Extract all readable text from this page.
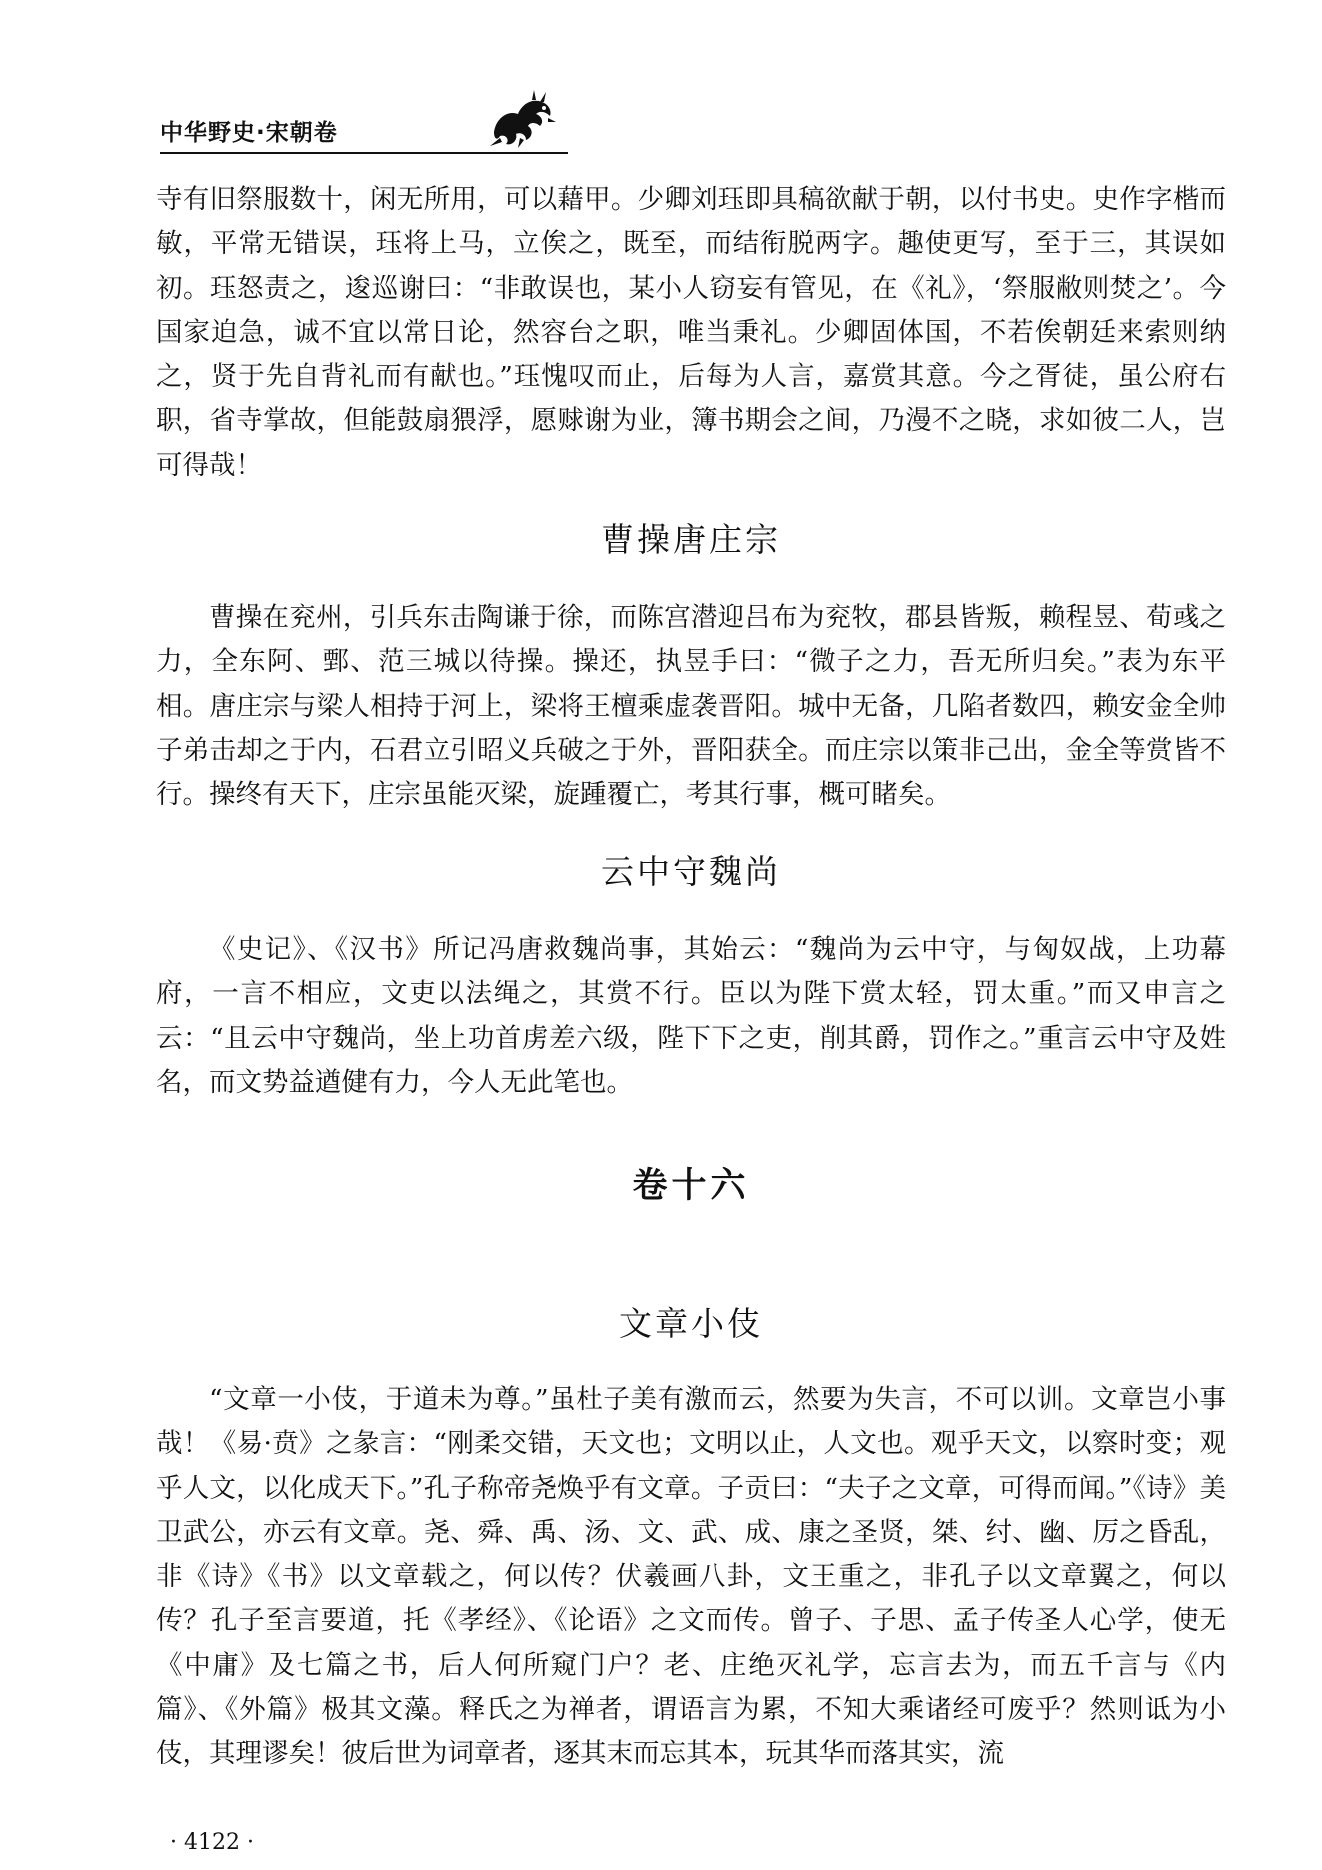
中华野史·宋朝卷

寺有旧祭服数十，闲无所用，可以藉甲。少卿刘珏即具稿欲献于朝，以付书史。史作字楷而敏，平常无错误，珏将上马，立俟之，既至，而结衔脱两字。趣使更写，至于三，其误如初。珏怒责之，逡巡谢曰：“非敢误也，某小人窃妄有管见，在《礼》，‘祭服敝则焚之’。今国家迫急，诚不宜以常日论，然容台之职，唯当秉礼。少卿固体国，不若俟朝廷来索则纳之，贤于先自背礼而有献也。”珏愧叹而止，后每为人言，嘉赏其意。今之胥徒，虽公府右职，省寺掌故，但能鼓扇猥浮，愿赇谢为业，簿书期会之间，乃漫不之晓，求如彼二人，岂可得哉！

曹操唐庄宗

曹操在兖州，引兵东击陶谦于徐，而陈宫潜迎吕布为兖牧，郡县皆叛，赖程昱、荀彧之力，全东阿、鄄、范三城以待操。操还，执昱手曰：“微子之力，吾无所归矣。”表为东平相。唐庄宗与梁人相持于河上，梁将王檀乘虚袭晋阳。城中无备，几陷者数四，赖安金全帅子弟击却之于内，石君立引昭义兵破之于外，晋阳获全。而庄宗以策非己出，金全等赏皆不行。操终有天下，庄宗虽能灭梁，旋踵覆亡，考其行事，概可睹矣。

云中守魏尚

《史记》、《汉书》所记冯唐救魏尚事，其始云：“魏尚为云中守，与匈奴战，上功幕府，一言不相应，文吏以法绳之，其赏不行。臣以为陛下赏太轻，罚太重。”而又申言之云：“且云中守魏尚，坐上功首虏差六级，陛下下之吏，削其爵，罚作之。”重言云中守及姓名，而文势益遒健有力，今人无此笔也。

卷十六
文章小伎

“文章一小伎，于道未为尊。”虽杜子美有激而云，然要为失言，不可以训。文章岂小事哉！《易·贲》之彖言：“刚柔交错，天文也；文明以止，人文也。观乎天文，以察时变；观乎人文，以化成天下。”孔子称帝尧焕乎有文章。子贡曰：“夫子之文章，可得而闻。”《诗》美卫武公，亦云有文章。尧、舜、禹、汤、文、武、成、康之圣贤，桀、纣、幽、厉之昏乱，非《诗》《书》以文章载之，何以传？伏羲画八卦，文王重之，非孔子以文章翼之，何以传？孔子至言要道，托《孝经》、《论语》之文而传。曾子、子思、孟子传圣人心学，使无《中庸》及七篇之书，后人何所窥门户？老、庄绝灭礼学，忘言去为，而五千言与《内篇》、《外篇》极其文藻。释氏之为禅者，谓语言为累，不知大乘诸经可废乎？然则诋为小伎，其理谬矣！彼后世为词章者，逐其末而忘其本，玩其华而落其实，流

· 4122 ·
